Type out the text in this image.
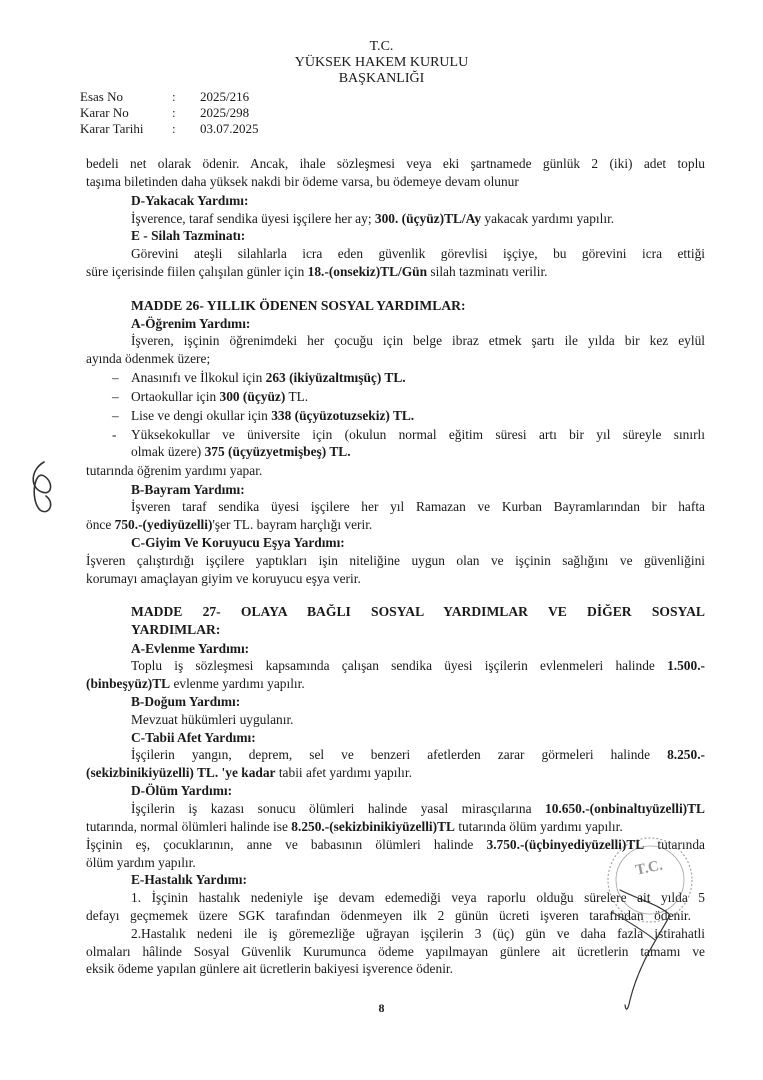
T.C.
YÜKSEK HAKEM KURULU
BAŞKANLIĞI
Esas No	: 2025/216
Karar No	: 2025/298
Karar Tarihi : 03.07.2025
bedeli net olarak ödenir. Ancak, ihale sözleşmesi veya eki şartnamede günlük 2 (iki) adet toplu
taşıma biletinden daha yüksek nakdi bir ödeme varsa, bu ödemeye devam olunur
D-Yakacak Yardımı:
İşverence, taraf sendika üyesi işçilere her ay; 300. (üçyüz)TL/Ay yakacak yardımı yapılır.
E - Silah Tazminatı:
Görevini ateşli silahlarla icra eden güvenlik görevlisi işçiye, bu görevini icra ettiği
süre içerisinde fiilen çalışılan günler için 18.-(onsekiz)TL/Gün silah tazminatı verilir.
MADDE 26- YILLIK ÖDENEN SOSYAL YARDIMLAR:
A-Öğrenim Yardımı:
İşveren, işçinin öğrenimdeki her çocuğu için belge ibraz etmek şartı ile yılda bir kez eylül
ayında ödenmek üzere;
– Anasınıfı ve İlkokul için 263 (ikiyüzaltmışüç) TL.
– Ortaokullar için 300 (üçyüz) TL.
– Lise ve dengi okullar için 338 (üçyüzotuzsekiz) TL.
-	Yüksekokullar ve üniversite için (okulun normal eğitim süresi artı bir yıl süreyle sınırlı
olmak üzere) 375 (üçyüzyetmişbeş) TL.
tutarında öğrenim yardımı yapar.
B-Bayram Yardımı:
İşveren taraf sendika üyesi işçilere her yıl Ramazan ve Kurban Bayramlarından bir hafta
önce 750.-(yediyüzelli)'şer TL. bayram harçlığı verir.
C-Giyim Ve Koruyucu Eşya Yardımı:
İşveren çalıştırdığı işçilere yaptıkları işin niteliğine uygun olan ve işçinin sağlığını ve güvenliğini
korumayı amaçlayan giyim ve koruyucu eşya verir.
MADDE 27- OLAYA BAĞLI SOSYAL YARDIMLAR VE DİĞER SOSYAL
YARDIMLAR:
A-Evlenme Yardımı:
Toplu iş sözleşmesi kapsamında çalışan sendika üyesi işçilerin evlenmeleri halinde 1.500.-
(binbeşyüz)TL evlenme yardımı yapılır.
B-Doğum Yardımı:
Mevzuat hükümleri uygulanır.
C-Tabii Afet Yardımı:
İşçilerin yangın, deprem, sel ve benzeri afetlerden zarar görmeleri halinde 8.250.-
(sekizbinikiyüzelli) TL. 'ye kadar tabii afet yardımı yapılır.
D-Ölüm Yardımı:
İşçilerin iş kazası sonucu ölümleri halinde yasal mirasçılarına 10.650.-(onbinaltıyüzelli)TL
tutarında, normal ölümleri halinde ise 8.250.-(sekizbinikiyüzelli)TL tutarında ölüm yardımı yapılır.
İşçinin eş, çocuklarının, anne ve babasının ölümleri halinde 3.750.-(üçbinyediyüzelli)TL tutarında
ölüm yardım yapılır.
E-Hastalık Yardımı:
1. İşçinin hastalık nedeniyle işe devam edemediği veya raporlu olduğu sürelere ait yılda 5
defayı geçmemek üzere SGK tarafından ödenmeyen ilk 2 günün ücreti işveren tarafından ödenir.
2.Hastalık nedeni ile iş göremezliğe uğrayan işçilerin 3 (üç) gün ve daha fazla istirahatli
olmaları hâlinde Sosyal Güvenlik Kurumunca ödeme yapılmayan günlere ait ücretlerin tamamı ve
eksik ödeme yapılan günlere ait ücretlerin bakiyesi işverence ödenir.
8
T.C.
